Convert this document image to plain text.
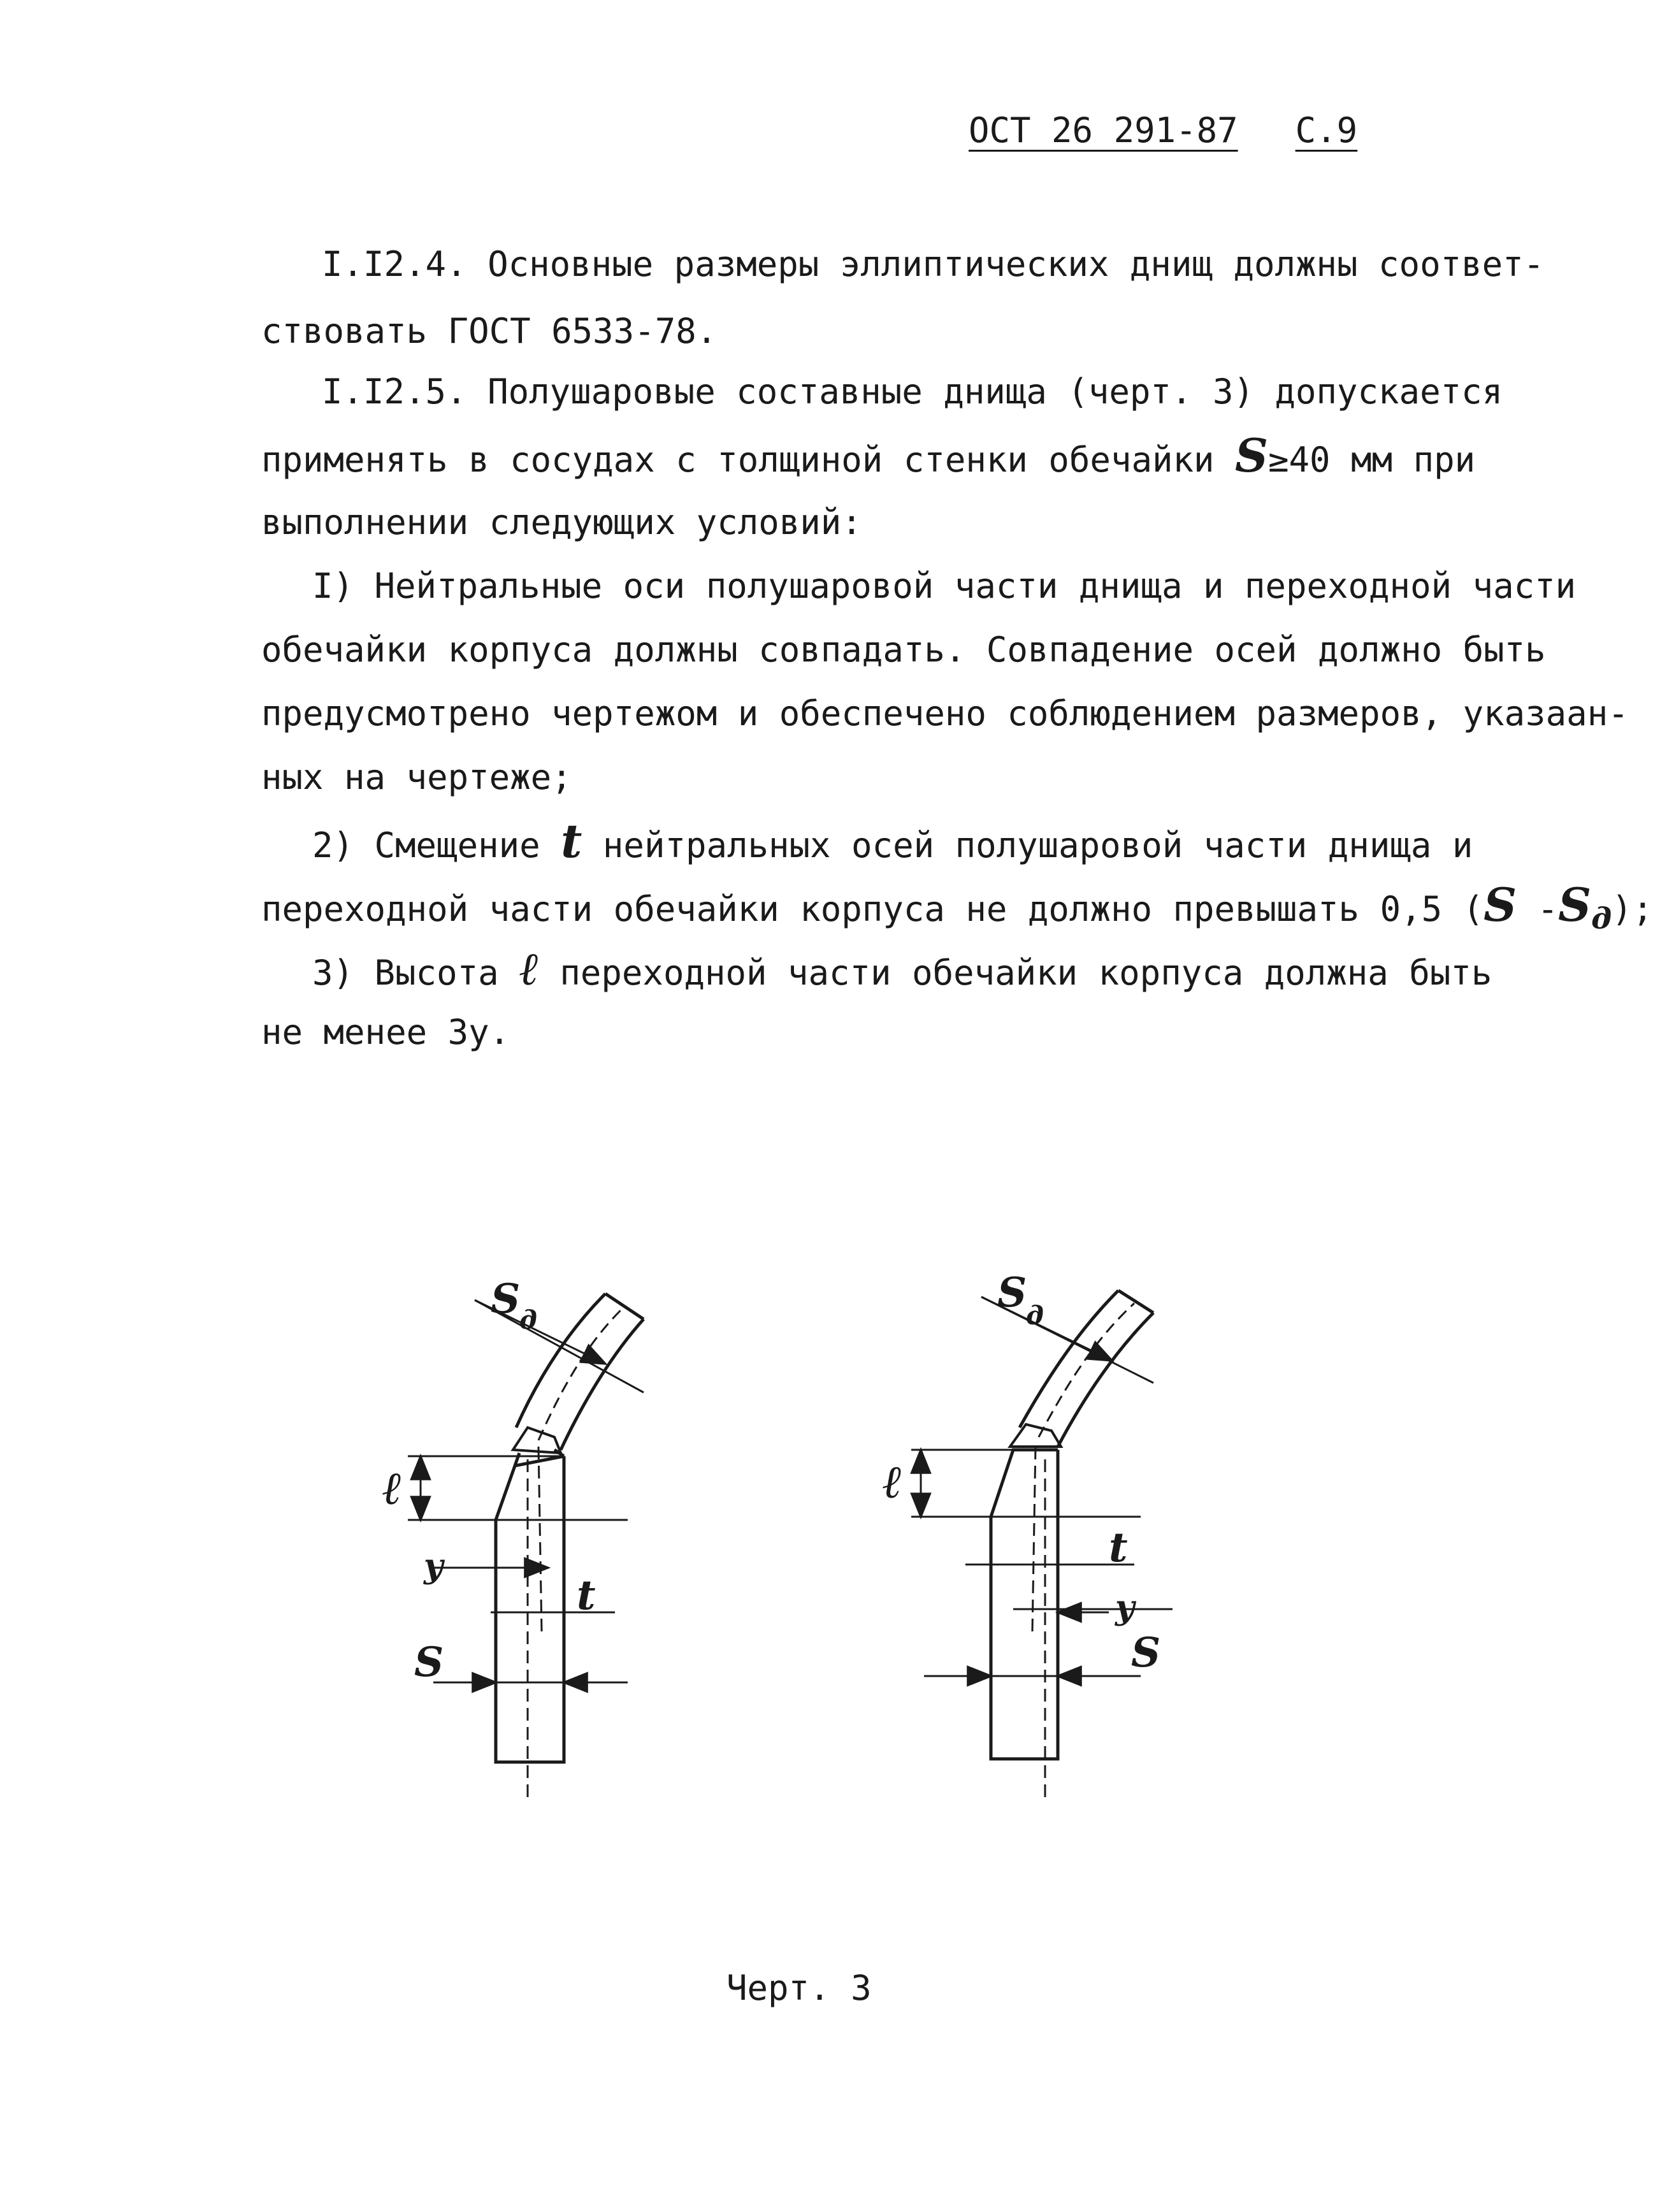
ОСТ 26 291-87 С.9
I.I2.4. Основные размеры эллиптических днищ должны соответ-
ствовать ГОСТ 6533-78.
I.I2.5. Полушаровые составные днища (черт. 3) допускается
применять в сосудах с толщиной стенки обечайки S≥40 мм при
выполнении следующих условий:
I) Нейтральные оси полушаровой части днища и переходной части
обечайки корпуса должны совпадать. Совпадение осей должно быть
предусмотрено чертежом и обеспечено соблюдением размеров, указаан-
ных на чертеже;
2) Смещение t нейтральных осей полушаровой части днища и
переходной части обечайки корпуса не должно превышать 0,5 (S $-S_д$);
3) Высота ℓ переходной части обечайки корпуса должна быть
не менее 3у.
S
д
ℓ
у
t
S
S
д
ℓ
t
у
S
Черт. 3
